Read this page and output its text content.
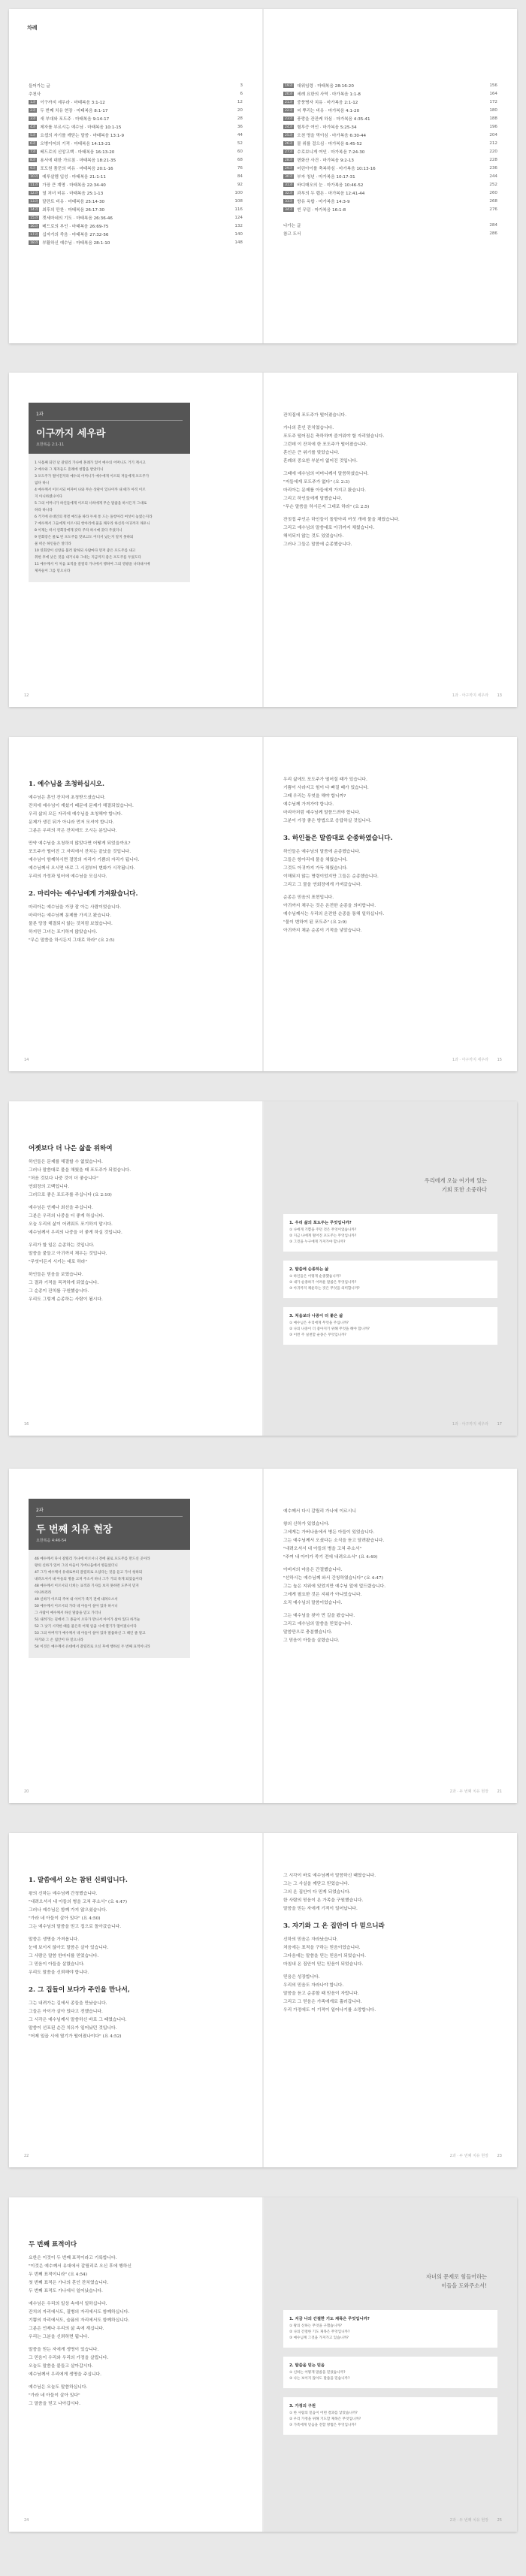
차례
들어가는 글	3
추천사	6
1과	이구까지 세우라 · 마태복음 3:1-12	12
2과	두 번째 치유 현장 · 마태복음 8:1-17	20
3과	새 부대와 포도주 · 마태복음 9:14-17	28
4과	제자를 부르시는 예수님 · 마태복음 10:1-15	36
5과	요셉의 자기를 깨닫는 말씀 · 마태복음 13:1-9	44
6과	오병이어의 기적 · 마태복음 14:13-21	52
7과	베드로의 신앙고백 · 마태복음 16:13-20	60
8과	용서에 대한 가르침 · 마태복음 18:21-35	68
9과	포도원 품꾼의 비유 · 마태복음 20:1-16	76
10과	예루살렘 입성 · 마태복음 21:1-11	84
11과	가장 큰 계명 · 마태복음 22:34-40	92
12과	열 처녀 비유 · 마태복음 25:1-13	100
13과	달란트 비유 · 마태복음 25:14-30	108
14과	최후의 만찬 · 마태복음 26:17-30	116
15과	겟세마네의 기도 · 마태복음 26:36-46	124
16과	베드로의 부인 · 마태복음 26:69-75	132
17과	십자가의 죽음 · 마태복음 27:32-56	140
18과	부활하신 예수님 · 마태복음 28:1-10	148
19과	대위임령 · 마태복음 28:16-20	156
20과	세례 요한의 사역 · 마가복음 1:1-8	164
21과	중풍병자 치유 · 마가복음 2:1-12	172
22과	씨 뿌리는 비유 · 마가복음 4:1-20	180
23과	풍랑을 잔잔케 하심 · 마가복음 4:35-41	188
24과	혈루증 여인 · 마가복음 5:25-34	196
25과	오천 명을 먹이심 · 마가복음 6:30-44	204
26과	물 위를 걸으심 · 마가복음 6:45-52	212
27과	수로보니게 여인 · 마가복음 7:24-30	220
28과	변화산 사건 · 마가복음 9:2-13	228
29과	어린아이를 축복하심 · 마가복음 10:13-16	236
30과	부자 청년 · 마가복음 10:17-31	244
31과	바디매오의 눈 · 마가복음 10:46-52	252
32과	과부의 두 렙돈 · 마가복음 12:41-44	260
33과	향유 옥합 · 마가복음 14:3-9	268
34과	빈 무덤 · 마가복음 16:1-8	276
나가는 글	284
참고 도서	286
1과
이구까지 세우라
요한복음 2:1-11

1 사흘째 되던 날 갈릴리 가나에 혼례가 있어 예수의 어머니도 거기 계시고

2 예수와 그 제자들도 혼례에 청함을 받았더니

3 포도주가 떨어진지라 예수의 어머니가 예수에게 이르되 저들에게 포도주가

없다 하니

4 예수께서 이르시되 여자여 나와 무슨 상관이 있나이까 내 때가 아직 이르

지 아니하였나이다

5 그의 어머니가 하인들에게 이르되 너희에게 무슨 말씀을 하시든지 그대로

하라 하니라

6 거기에 유대인의 정결 예식을 따라 두세 통 드는 돌항아리 여섯이 놓였는지라

7 예수께서 그들에게 이르시되 항아리에 물을 채우라 하신즉 아귀까지 채우니

8 이제는 떠서 연회장에게 갖다 주라 하시매 갖다 주었더니

9 연회장은 물로 된 포도주를 맛보고도 어디서 났는지 알지 못하되

물 떠온 하인들은 알더라

10 연회장이 신랑을 불러 말하되 사람마다 먼저 좋은 포도주를 내고

취한 후에 낮은 것을 내거니와 그대는 지금까지 좋은 포도주를 두었도다

11 예수께서 이 처음 표적을 갈릴리 가나에서 행하여 그의 영광을 나타내시매

제자들이 그를 믿으니라

12

잔치집에 포도주가 떨어졌습니다.

가나의 혼인 잔치였습니다.

포도주 떨어짐은 축하하며 즐거워야 할 자리였습니다.

그런데 이 잔치에 한 포도주가 떨어졌습니다.

혼인은 큰 위기를 맞았습니다.

혼례의 중요한 부분이 없어진 것입니다.

그때에 예수님의 어머니께서 말씀하셨습니다.

"저들에게 포도주가 없다" (요 2:3)

마리아는 문제를 아들에게 가지고 왔습니다.

그리고 하인들에게 말했습니다.

"무슨 말씀을 하시든지 그대로 하라" (요 2:5)

잔칫집 주인은 하인들이 돌항아리 여섯 개에 물을 채웠습니다.

그리고 예수님의 말씀대로 아귀까지 채웠습니다.

해석되지 않는 것도 있었습니다.

그러나 그들은 말씀에 순종했습니다.

1과 · 아구까지 세우라 13
1. 예수님을 초청하십시오.

예수님은 혼인 잔치에 초청받으셨습니다.

잔치에 예수님이 계셨기 때문에 문제가 해결되었습니다.

우리 삶의 모든 자리에 예수님을 초청해야 합니다.

문제가 생긴 뒤가 아니라 먼저 모셔야 합니다.

그분은 우리의 작은 잔치에도 오시는 분입니다.

만약 예수님을 초청하지 않았다면 어떻게 되었을까요?

포도주가 떨어진 그 자리에서 잔치는 끝났을 것입니다.

예수님이 함께하시면 절망의 자리가 기쁨의 자리가 됩니다.

예수님께서 오시면 바로 그 시점부터 변화가 시작됩니다.

우리의 가정과 일터에 예수님을 모십시다.

2. 마리아는 예수님에게 가져왔습니다.

마리아는 예수님을 가장 잘 아는 사람이었습니다.

마리아는 예수님께 문제를 가지고 왔습니다.

물론 당장 해결되지 않는 것처럼 보였습니다.

하지만 그녀는 포기하지 않았습니다.

"무슨 말씀을 하시든지 그대로 하라" (요 2:5)

14

우리 삶에도 포도주가 떨어질 때가 있습니다.

기쁨이 사라지고 힘이 다 빠질 때가 있습니다.

그때 우리는 무엇을 해야 합니까?

예수님께 가져가야 합니다.

마리아처럼 예수님께 말씀드려야 합니다.

그분이 가장 좋은 방법으로 응답하실 것입니다.

3. 하인들은 말씀대로 순종하였습니다.

하인들은 예수님의 말씀에 순종했습니다.

그들은 항아리에 물을 채웠습니다.

그것도 아귀까지 가득 채웠습니다.

이해되지 않는 명령이었지만 그들은 순종했습니다.

그리고 그 물을 연회장에게 가져갔습니다.

순종은 믿음의 표현입니다.

아귀까지 채우는 것은 온전한 순종을 의미합니다.

예수님께서는 우리의 온전한 순종을 통해 일하십니다.

"물이 변하여 된 포도주" (요 2:9)

아귀까지 채운 순종이 기적을 낳았습니다.

1과 · 아구까지 세우라 15
어젯보다 더 나은 삶을 위하여

하인들은 문제를 해결할 수 없었습니다.

그러나 말씀대로 물을 채웠을 때 포도주가 되었습니다.

"처음 것보다 나중 것이 더 좋습니다"

연회장의 고백입니다.

그러므로 좋은 포도주를 주십니다 (요 2:10)

예수님은 언제나 최선을 주십니다.

그분은 우리의 나중을 더 좋게 하십니다.

오늘 우리의 삶이 어려워도 포기하지 맙시다.

예수님께서 우리의 나중을 더 좋게 하실 것입니다.

우리가 할 일은 순종하는 것입니다.

말씀을 붙들고 아귀까지 채우는 것입니다.

"무엇이든지 시키는 대로 하라"

하인들은 믿음을 보였습니다.

그 결과 기적을 목격하게 되었습니다.

그 순종이 잔치를 구원했습니다.

우리도 그렇게 순종하는 사람이 됩시다.

16
우리에게 오늘 여기에 있는
기회 또한 소중하다
1. 우리 삶의 포도주는 무엇입니까?
① 나에게 기쁨을 주던 것은 무엇이었습니까?
② 지금 나에게 떨어진 포도주는 무엇입니까?
③ 그것을 누구에게 가져가야 합니까?
2. 말씀에 순종하는 삶
① 하인들은 어떻게 순종했습니까?
② 내가 순종하기 어려운 말씀은 무엇입니까?
③ 아귀까지 채운다는 것은 무엇을 의미합니까?
3. 처음보다 나중이 더 좋은 삶
① 예수님은 우리에게 무엇을 주십니까?
② 나의 나중이 더 좋아지기 위해 무엇을 해야 합니까?
③ 이번 주 실천할 순종은 무엇입니까?
1과 · 아구까지 세우라 17
2과
두 번째 치유 현장
요한복음 4:46-54

46 예수께서 다시 갈릴리 가나에 이르시니 전에 물로 포도주를 만드신 곳이라

왕의 신하가 있어 그의 아들이 가버나움에서 병들었더니

47 그가 예수께서 유대로부터 갈릴리로 오셨다는 것을 듣고 가서 청하되

내려오셔서 내 아들의 병을 고쳐 주소서 하니 그가 거의 죽게 되었음이라

48 예수께서 이르시되 너희는 표적과 기사를 보지 못하면 도무지 믿지

아니하리라

49 신하가 이르되 주여 내 아이가 죽기 전에 내려오소서

50 예수께서 이르시되 가라 네 아들이 살아 있다 하시니

그 사람이 예수께서 하신 말씀을 믿고 가더니

51 내려가는 길에서 그 종들이 오다가 만나서 아이가 살아 있다 하거늘

52 그 낫기 시작한 때를 물은즉 어제 일곱 시에 열기가 떨어졌나이다

53 그의 아버지가 예수께서 네 아들이 살아 있다 말씀하신 그 때인 줄 알고

자기와 그 온 집안이 다 믿으니라

54 이것은 예수께서 유대에서 갈릴리로 오신 후에 행하신 두 번째 표적이니라

20

예수께서 다시 갈릴리 가나에 이르시니

왕의 신하가 있었습니다.

그에게는 가버나움에서 병든 아들이 있었습니다.

그는 예수님께서 오셨다는 소식을 듣고 달려왔습니다.

"내려오셔서 내 아들의 병을 고쳐 주소서"

"주여 내 아이가 죽기 전에 내려오소서" (요 4:49)

아버지의 마음은 간절했습니다.

"선하시는 예수님께 와서 간청하였습니다" (요 4:47)

그는 높은 지위에 있었지만 예수님 앞에 엎드렸습니다.

그에게 필요한 것은 지위가 아니었습니다.

오직 예수님의 말씀이었습니다.

그는 예수님을 찾아 먼 길을 왔습니다.

그리고 예수님의 말씀을 믿었습니다.

말씀만으로 충분했습니다.

그 믿음이 아들을 살렸습니다.

2과 · 두 번째 치유 현장 21
1. 말씀에서 오는 참된 신뢰입니다.

왕의 신하는 예수님께 간청했습니다.

"내려오셔서 내 아들의 병을 고쳐 주소서" (요 4:47)

그러나 예수님은 함께 가지 않으셨습니다.

"가라 네 아들이 살아 있다" (요 4:50)

그는 예수님의 말씀을 믿고 집으로 돌아갔습니다.

말씀은 생명을 가져옵니다.

눈에 보이지 않아도 말씀은 살아 있습니다.

그 사람은 말씀 한마디를 믿었습니다.

그 믿음이 아들을 살렸습니다.

우리도 말씀을 신뢰해야 합니다.

2. 그 집들이 보다가 주인을 만나서,

그는 내려가는 길에서 종들을 만났습니다.

그들은 아이가 살아 있다고 전했습니다.

그 시각은 예수님께서 말씀하신 바로 그 때였습니다.

말씀이 선포된 순간 치유가 일어났던 것입니다.

"어제 일곱 시에 열기가 떨어졌나이다" (요 4:52)

22

그 시각이 바로 예수님께서 말씀하신 때였습니다.

그는 그 사실을 깨닫고 믿었습니다.

그의 온 집안이 다 믿게 되었습니다.

한 사람의 믿음이 온 가족을 구원했습니다.

말씀을 믿는 자에게 기적이 일어납니다.

3. 자기와 그 온 집안이 다 믿으니라

신하의 믿음은 자라났습니다.

처음에는 표적을 구하는 믿음이었습니다.

그다음에는 말씀을 믿는 믿음이 되었습니다.

마침내 온 집안이 믿는 믿음이 되었습니다.

믿음은 성장합니다.

우리의 믿음도 자라나야 합니다.

말씀을 듣고 순종할 때 믿음이 자랍니다.

그리고 그 믿음은 가족에게로 흘러갑니다.

우리 가정에도 이 기적이 일어나기를 소망합니다.

2과 · 두 번째 치유 현장 23
두 번째 표적이다

요한은 이것이 두 번째 표적이라고 기록합니다.

"이것은 예수께서 유대에서 갈릴리로 오신 후에 행하신

두 번째 표적이니라" (요 4:54)

첫 번째 표적은 가나의 혼인 잔치였습니다.

두 번째 표적도 가나에서 일어났습니다.

예수님은 우리의 일상 속에서 일하십니다.

잔치의 자리에서도, 질병의 자리에서도 함께하십니다.

기쁨의 자리에서도, 슬픔의 자리에서도 함께하십니다.

그분은 언제나 우리의 삶 속에 계십니다.

우리는 그분을 신뢰하면 됩니다.

말씀을 믿는 자에게 생명이 있습니다.

그 믿음이 우리와 우리의 가정을 살립니다.

오늘도 말씀을 붙들고 살아갑시다.

예수님께서 우리에게 생명을 주십니다.

예수님은 오늘도 말씀하십니다.

"가라 네 아들이 살아 있다"

그 말씀을 믿고 나아갑시다.

24
자녀의 문제로 힘들어하는
이들을 도와주소서!
1. 지금 나의 간절한 기도 제목은 무엇입니까?
① 왕의 신하는 무엇을 구했습니까?
② 나의 간절한 기도 제목은 무엇입니까?
③ 예수님께 그것을 가져가고 있습니까?
2. 말씀을 믿는 믿음
① 신하는 어떻게 말씀을 믿었습니까?
② 나는 보이지 않아도 말씀을 믿습니까?
3. 가정의 구원
① 한 사람의 믿음이 어떤 결과를 낳았습니까?
② 우리 가정을 위해 기도할 제목은 무엇입니까?
③ 가족에게 믿음을 전할 방법은 무엇입니까?
2과 · 두 번째 치유 현장 25
